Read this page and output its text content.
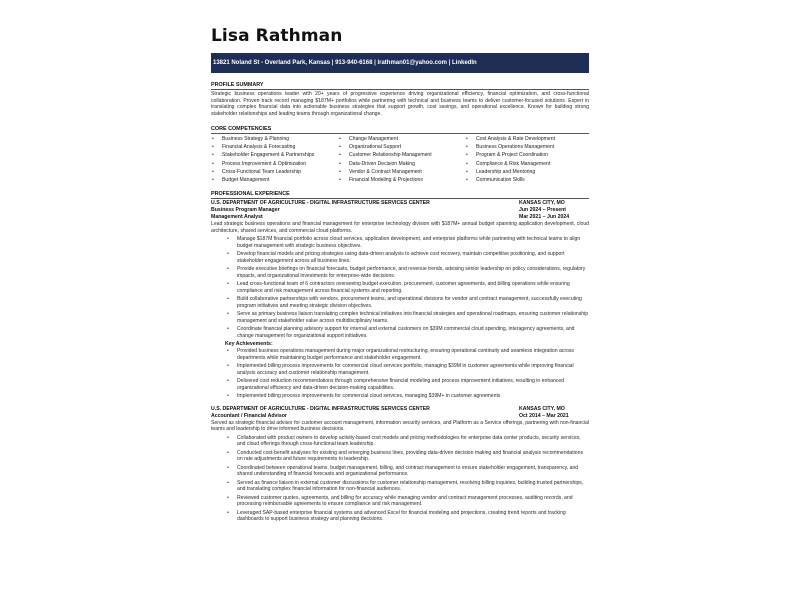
Lisa Rathman
13821 Noland St - Overland Park, Kansas | 913-940-6168 | lrathman01@yahoo.com | LinkedIn
PROFILE SUMMARY
Strategic business operations leader with 20+ years of progressive experience driving organizational efficiency, financial optimization, and cross-functional collaboration. Proven track record managing $187M+ portfolios while partnering with technical and business teams to deliver customer-focused solutions. Expert in translating complex financial data into actionable business strategies that support growth, cost savings, and operational excellence. Known for building strong stakeholder relationships and leading teams through organizational change.
CORE COMPETENCIES
• Business Strategy & Planning	• Change Management	• Cost Analysis & Rate Development
• Financial Analysis & Forecasting	• Organizational Support	• Business Operations Management
• Stakeholder Engagement & Partnerships	• Customer Relationship Management	• Program & Project Coordination
• Process Improvement & Optimization	• Data-Driven Decision Making	• Compliance & Risk Management
• Cross-Functional Team Leadership	• Vendor & Contract Management	• Leadership and Mentoring
• Budget Management	• Financial Modeling & Projections	• Communication Skills
PROFESSIONAL EXPERIENCE
U.S. DEPARTMENT OF AGRICULTURE - DIGITAL INFRASTRUCTURE SERVICES CENTER	KANSAS CITY, MO
Business Program Manager	Jun 2024 – Present
Management Analyst	Mar 2021 – Jun 2024
Lead strategic business operations and financial management for enterprise technology division with $187M+ annual budget spanning application development, cloud architecture, shared services, and commercial cloud platforms.
• Manage $187M financial portfolio across cloud services, application development, and enterprise platforms while partnering with technical teams to align budget management with strategic business objectives.
• Develop financial models and pricing strategies using data-driven analysis to achieve cost recovery, maintain competitive positioning, and support stakeholder engagement across all business lines.
• Provide executive briefings on financial forecasts, budget performance, and revenue trends, advising senior leadership on policy considerations, regulatory impacts, and organizational investments for enterprise-wide decisions.
• Lead cross-functional team of 6 contractors overseeing budget execution, procurement, customer agreements, and billing operations while ensuring compliance and risk management across financial systems and reporting.
• Build collaborative partnerships with vendors, procurement teams, and operational divisions for vendor and contract management, successfully executing program initiatives and meeting strategic division objectives.
• Serve as primary business liaison translating complex technical initiatives into financial strategies and operational roadmaps, ensuring customer relationship management and stakeholder value across multidisciplinary teams.
• Coordinate financial planning advisory support for internal and external customers on $39M commercial cloud spending, interagency agreements, and change management for organizational support initiatives.
Key Achievements:
• Provided business operations management during major organizational restructuring, ensuring operational continuity and seamless integration across departments while maintaining budget performance and stakeholder engagement.
• Implemented billing process improvements for commercial cloud services portfolio, managing $39M in customer agreements while improving financial analysis accuracy and customer relationship management.
• Delivered cost reduction recommendations through comprehensive financial modeling and process improvement initiatives, resulting in enhanced organizational efficiency and data-driven decision-making capabilities.
• Implemented billing process improvements for commercial cloud services, managing $39M+ in customer agreements
U.S. DEPARTMENT OF AGRICULTURE - DIGITAL INFRASTRUCTURE SERVICES CENTER	KANSAS CITY, MO
Accountant / Financial Advisor	Oct 2014 – Mar 2021
Served as strategic financial advisor for customer account management, information security services, and Platform as a Service offerings, partnering with non-financial teams and leadership to drive informed business decisions.
• Collaborated with product owners to develop activity-based cost models and pricing methodologies for enterprise data center products, security services, and cloud offerings through cross-functional team leadership.
• Conducted cost-benefit analyses for existing and emerging business lines, providing data-driven decision making and financial analysis recommendations on rate adjustments and future requirements to leadership.
• Coordinated between operational teams, budget management, billing, and contract management to ensure stakeholder engagement, transparency, and shared understanding of financial forecasts and organizational performance.
• Served as finance liaison in external customer discussions for customer relationship management, resolving billing inquiries, building trusted partnerships, and translating complex financial information for non-financial audiences.
• Reviewed customer quotes, agreements, and billing for accuracy while managing vendor and contract management processes, auditing records, and processing reimbursable agreements to ensure compliance and risk management.
• Leveraged SAP-based enterprise financial systems and advanced Excel for financial modeling and projections, creating trend reports and tracking dashboards to support business strategy and planning decisions.
